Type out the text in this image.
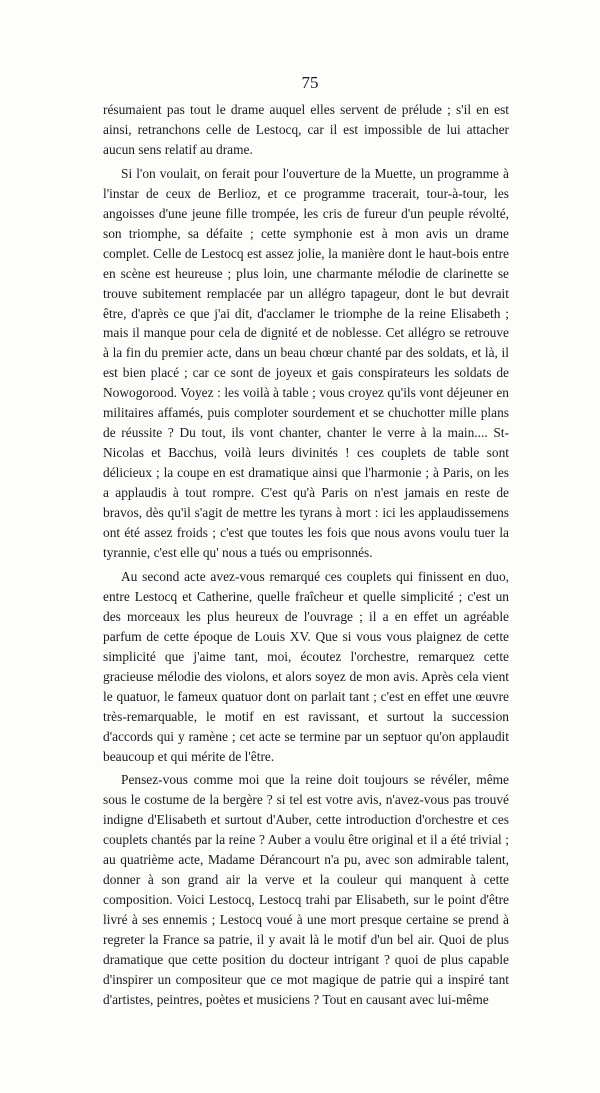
75

résumaient pas tout le drame auquel elles servent de prélude ; s'il en est ainsi, retranchons celle de Lestocq, car il est impossible de lui attacher aucun sens relatif au drame.

Si l'on voulait, on ferait pour l'ouverture de la Muette, un programme à l'instar de ceux de Berlioz, et ce programme tracerait, tour-à-tour, les angoisses d'une jeune fille trompée, les cris de fureur d'un peuple révolté, son triomphe, sa défaite ; cette symphonie est à mon avis un drame complet. Celle de Lestocq est assez jolie, la manière dont le haut-bois entre en scène est heureuse ; plus loin, une charmante mélodie de clarinette se trouve subitement remplacée par un allégro tapageur, dont le but devrait être, d'après ce que j'ai dit, d'acclamer le triomphe de la reine Elisabeth ; mais il manque pour cela de dignité et de noblesse. Cet allégro se retrouve à la fin du premier acte, dans un beau chœur chanté par des soldats, et là, il est bien placé ; car ce sont de joyeux et gais conspirateurs les soldats de Nowogorood. Voyez : les voilà à table ; vous croyez qu'ils vont déjeuner en militaires affamés, puis comploter sourdement et se chuchotter mille plans de réussite ? Du tout, ils vont chanter, chanter le verre à la main.... St-Nicolas et Bacchus, voilà leurs divinités ! ces couplets de table sont délicieux ; la coupe en est dramatique ainsi que l'harmonie ; à Paris, on les a applaudis à tout rompre. C'est qu'à Paris on n'est jamais en reste de bravos, dès qu'il s'agit de mettre les tyrans à mort : ici les applaudissemens ont été assez froids ; c'est que toutes les fois que nous avons voulu tuer la tyrannie, c'est elle qu' nous a tués ou emprisonnés.

Au second acte avez-vous remarqué ces couplets qui finissent en duo, entre Lestocq et Catherine, quelle fraîcheur et quelle simplicité ; c'est un des morceaux les plus heureux de l'ouvrage ; il a en effet un agréable parfum de cette époque de Louis XV. Que si vous vous plaignez de cette simplicité que j'aime tant, moi, écoutez l'orchestre, remarquez cette gracieuse mélodie des violons, et alors soyez de mon avis. Après cela vient le quatuor, le fameux quatuor dont on parlait tant ; c'est en effet une œuvre très-remarquable, le motif en est ravissant, et surtout la succession d'accords qui y ramène ; cet acte se termine par un septuor qu'on applaudit beaucoup et qui mérite de l'être.

Pensez-vous comme moi que la reine doit toujours se révéler, même sous le costume de la bergère ? si tel est votre avis, n'avez-vous pas trouvé indigne d'Elisabeth et surtout d'Auber, cette introduction d'orchestre et ces couplets chantés par la reine ? Auber a voulu être original et il a été trivial ; au quatrième acte, Madame Dérancourt n'a pu, avec son admirable talent, donner à son grand air la verve et la couleur qui manquent à cette composition. Voici Lestocq, Lestocq trahi par Elisabeth, sur le point d'être livré à ses ennemis ; Lestocq voué à une mort presque certaine se prend à regreter la France sa patrie, il y avait là le motif d'un bel air. Quoi de plus dramatique que cette position du docteur intrigant ? quoi de plus capable d'inspirer un compositeur que ce mot magique de patrie qui a inspiré tant d'artistes, peintres, poètes et musiciens ? Tout en causant avec lui-même
